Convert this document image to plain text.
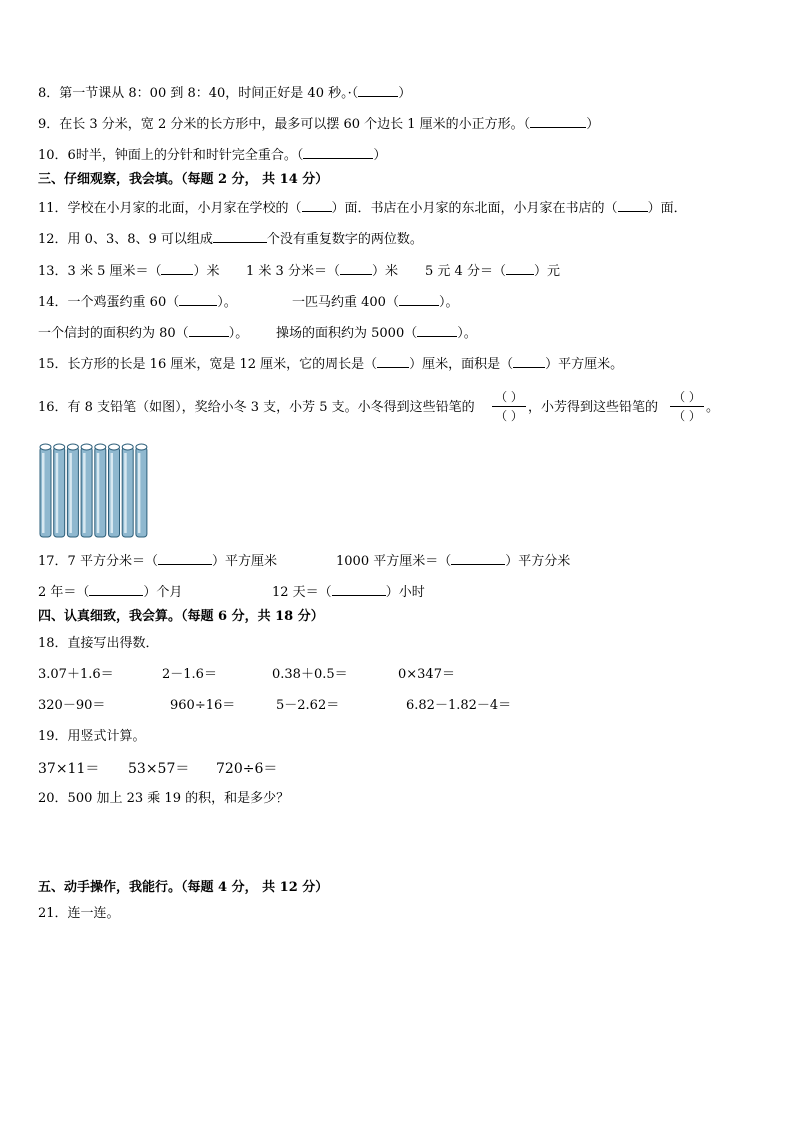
8．第一节课从 8：00 到 8：40，时间正好是 40 秒。·（	）
9．在长 3 分米，宽 2 分米的长方形中，最多可以摆 60 个边长 1 厘米的小正方形。（	）
10．6时半，钟面上的分针和时针完全重合。（	）
三、仔细观察，我会填。（每题 2 分， 共 14 分）
11．学校在小月家的北面，小月家在学校的（ ）面．书店在小月家的东北面，小月家在书店的（ ）面．
12．用 0、3、8、9 可以组成	个没有重复数字的两位数。
13．3 米 5 厘米＝（ ）米 1 米 3 分米＝（ ）米 5 元 4 分＝（ ）元
14．一个鸡蛋约重 60（	）。	一匹马约重 400（	）。
一个信封的面积约为 80（	）。 操场的面积约为 5000（	）。
15．长方形的长是 16 厘米，宽是 12 厘米，它的周长是（ ）厘米，面积是（ ）平方厘米。
16．有 8 支铅笔（如图），奖给小冬 3 支，小芳 5 支。小冬得到这些铅笔的
（ ）
（ ）
，小芳得到这些铅笔的
（ ）
（ ）
。
17．7 平方分米＝（	）平方厘米	1000 平方厘米＝（	）平方分米
2 年＝（	）个月	12 天＝（	）小时
四、认真细致，我会算。（每题 6 分，共 18 分）
18．直接写出得数．
3.07＋1.6＝	2－1.6＝	0.38＋0.5＝	0×347＝
320－90＝	960÷16＝	5－2.62＝	6.82－1.82－4＝
19．用竖式计算。
37×11＝ 53×57＝ 720÷6＝
20．500 加上 23 乘 19 的积，和是多少？
五、动手操作，我能行。（每题 4 分， 共 12 分）
21．连一连。
